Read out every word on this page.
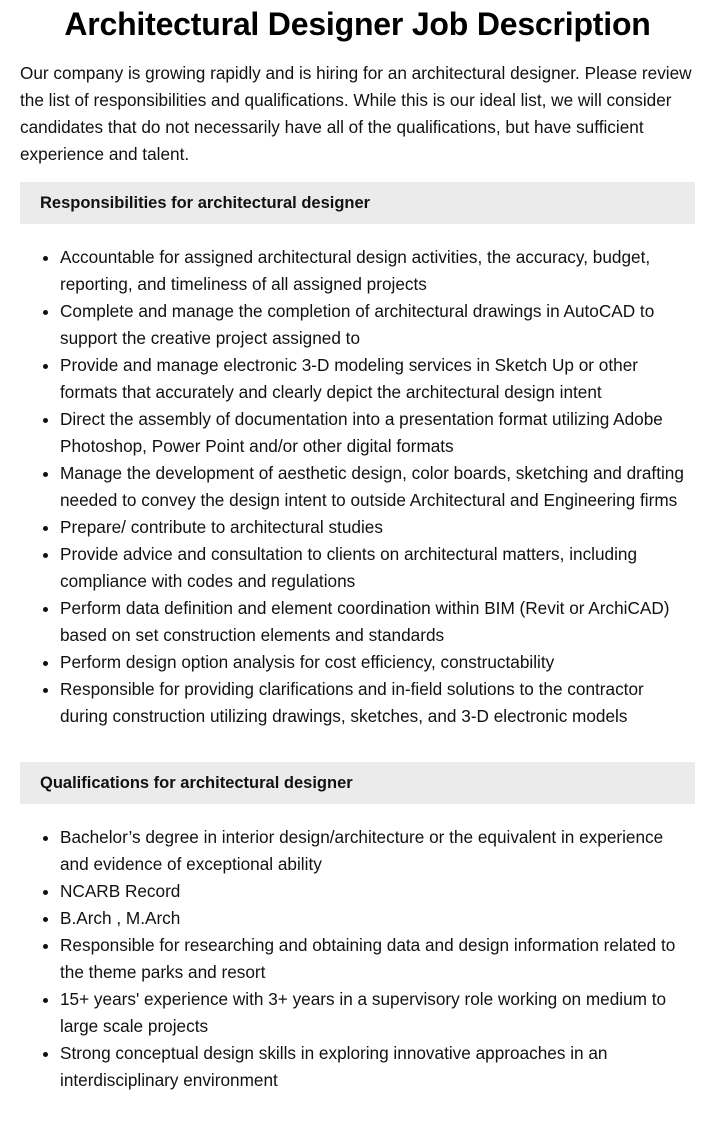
Architectural Designer Job Description

Our company is growing rapidly and is hiring for an architectural designer. Please review the list of responsibilities and qualifications. While this is our ideal list, we will consider candidates that do not necessarily have all of the qualifications, but have sufficient experience and talent.

Responsibilities for architectural designer
Accountable for assigned architectural design activities, the accuracy, budget, reporting, and timeliness of all assigned projects
Complete and manage the completion of architectural drawings in AutoCAD to support the creative project assigned to
Provide and manage electronic 3-D modeling services in Sketch Up or other formats that accurately and clearly depict the architectural design intent
Direct the assembly of documentation into a presentation format utilizing Adobe Photoshop, Power Point and/or other digital formats
Manage the development of aesthetic design, color boards, sketching and drafting needed to convey the design intent to outside Architectural and Engineering firms
Prepare/ contribute to architectural studies
Provide advice and consultation to clients on architectural matters, including compliance with codes and regulations
Perform data definition and element coordination within BIM (Revit or ArchiCAD) based on set construction elements and standards
Perform design option analysis for cost efficiency, constructability
Responsible for providing clarifications and in-field solutions to the contractor during construction utilizing drawings, sketches, and 3-D electronic models
Qualifications for architectural designer
Bachelor’s degree in interior design/architecture or the equivalent in experience and evidence of exceptional ability
NCARB Record
B.Arch , M.Arch
Responsible for researching and obtaining data and design information related to the theme parks and resort
15+ years' experience with 3+ years in a supervisory role working on medium to large scale projects
Strong conceptual design skills in exploring innovative approaches in an interdisciplinary environment
